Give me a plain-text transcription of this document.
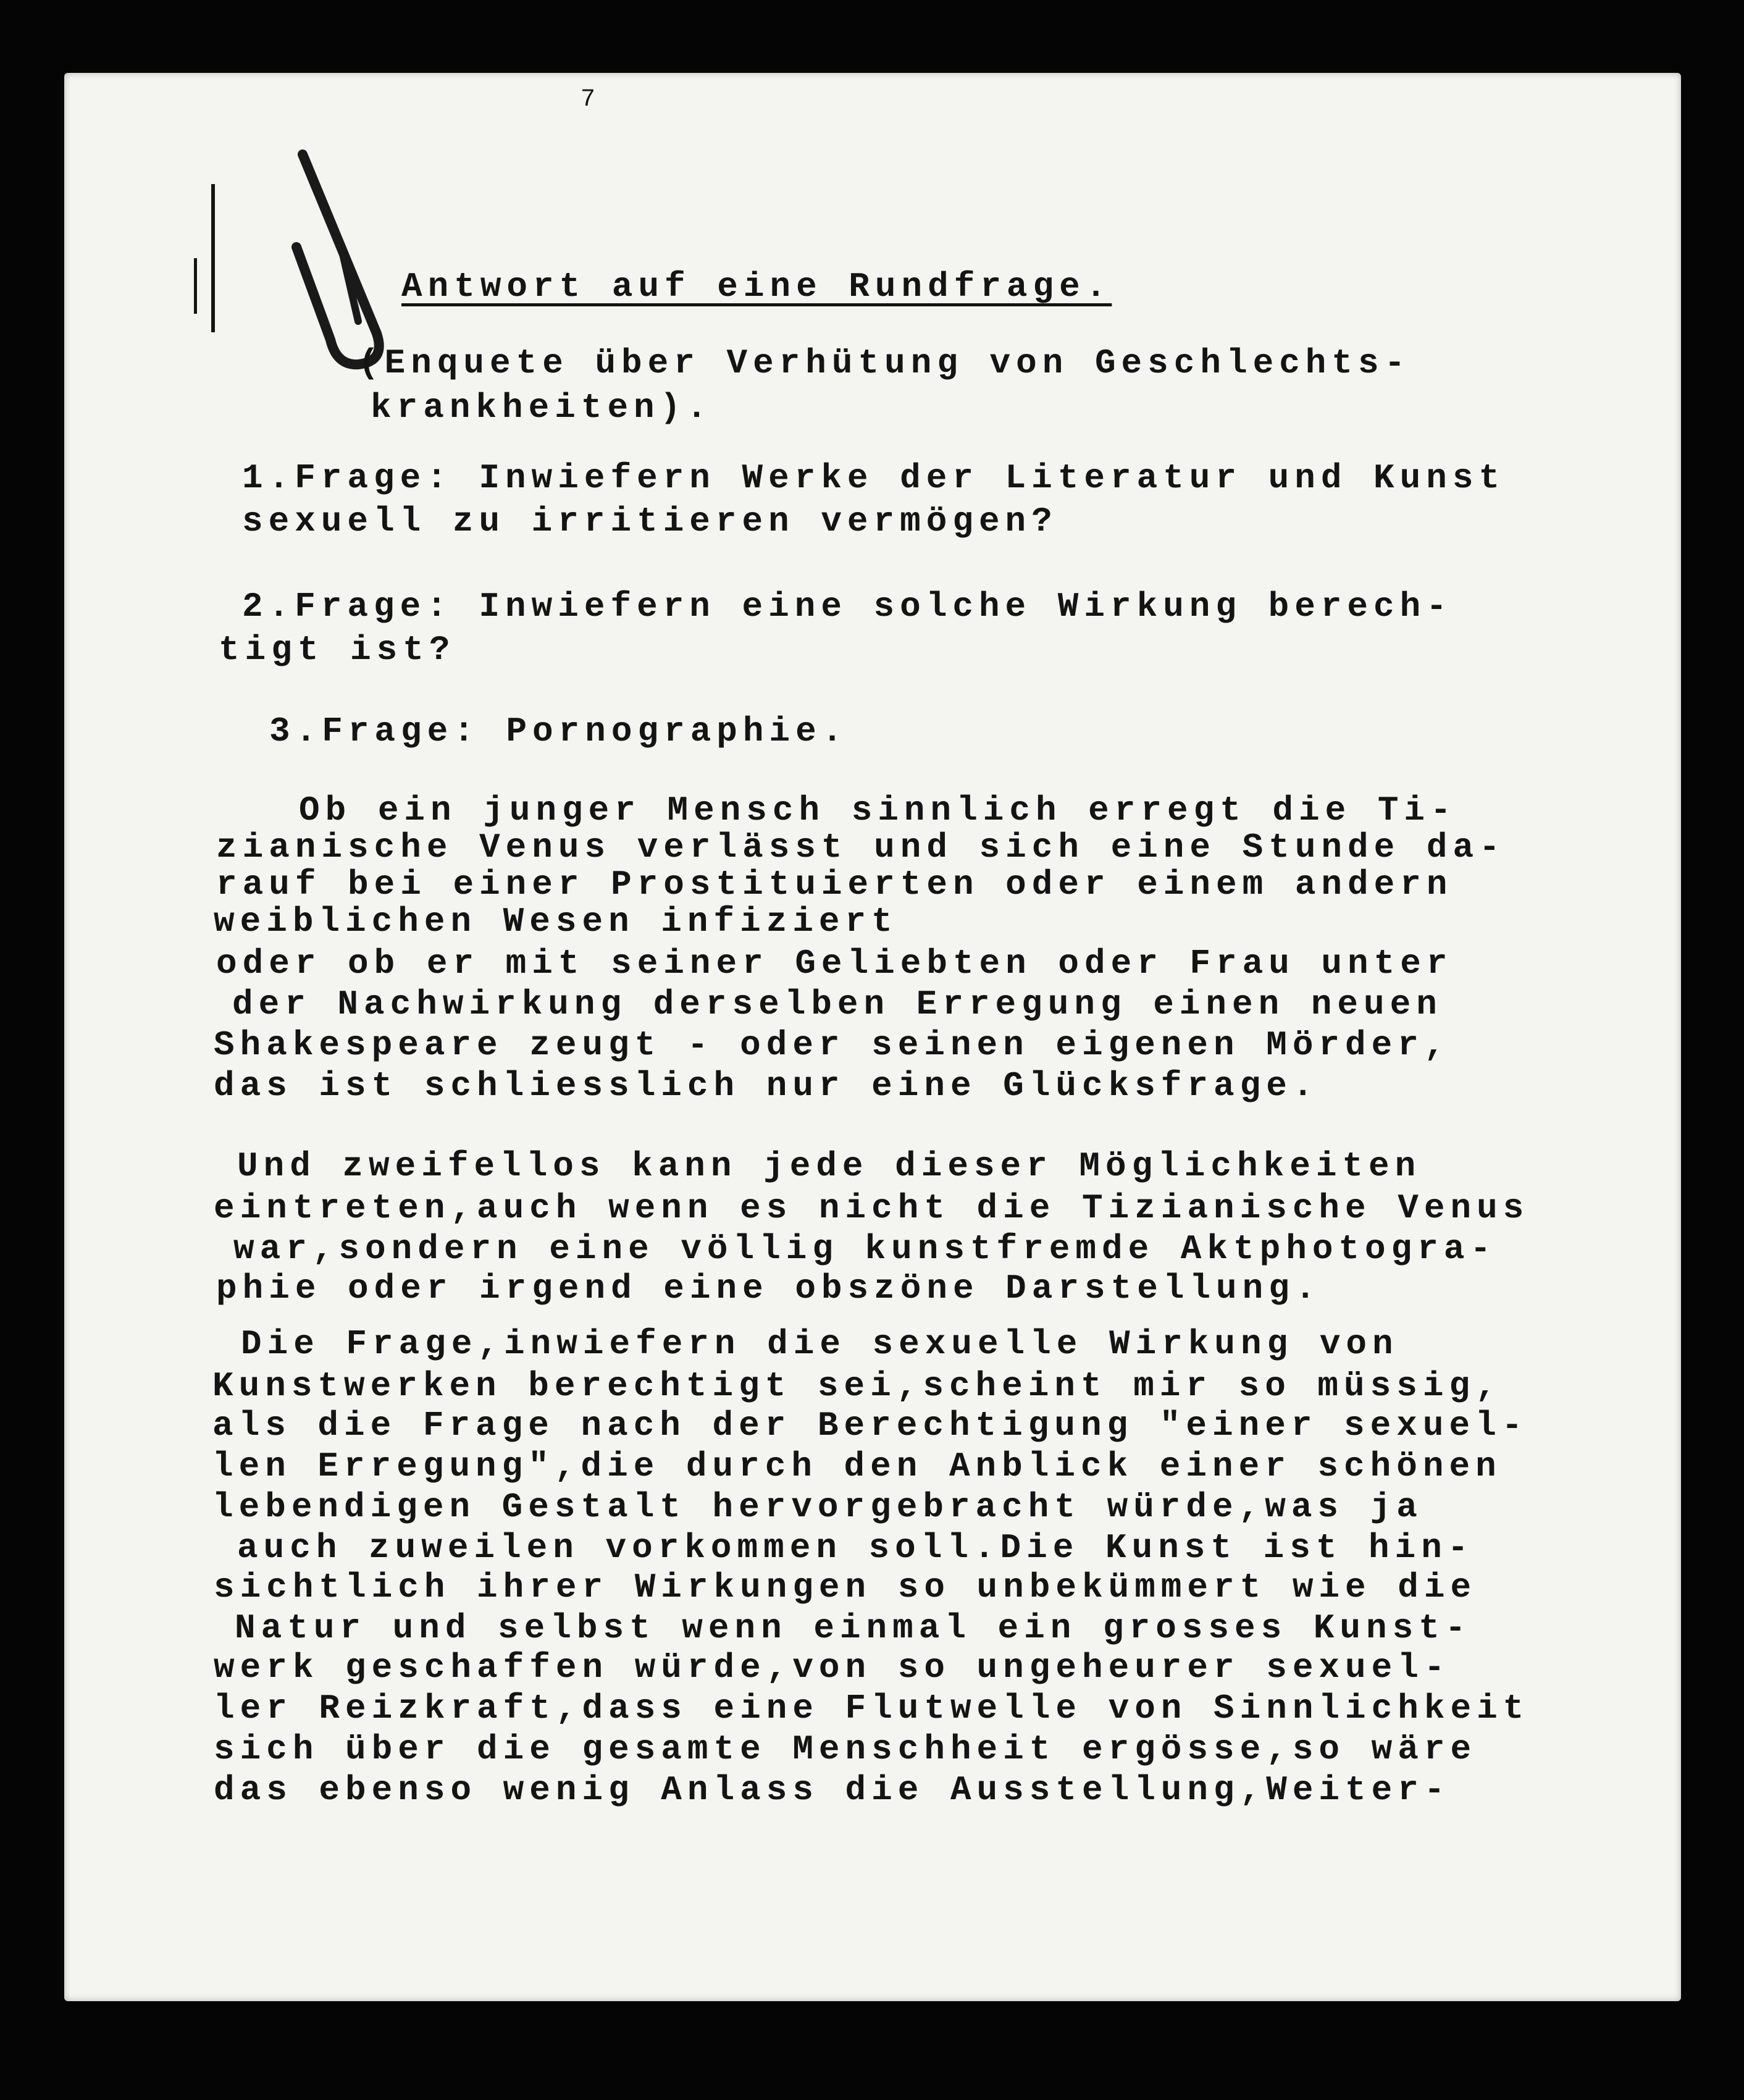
7
Antwort auf eine Rundfrage.
(Enquete über Verhütung von Geschlechts-
krankheiten).
1.Frage: Inwiefern Werke der Literatur und Kunst
sexuell zu irritieren vermögen?
2.Frage: Inwiefern eine solche Wirkung berech-
tigt ist?
3.Frage: Pornographie.
Ob ein junger Mensch sinnlich erregt die Ti-
zianische Venus verlässt und sich eine Stunde da-
rauf bei einer Prostituierten oder einem andern
weiblichen Wesen infiziert
oder ob er mit seiner Geliebten oder Frau unter
der Nachwirkung derselben Erregung einen neuen
Shakespeare zeugt - oder seinen eigenen Mörder,
das ist schliesslich nur eine Glücksfrage.
Und zweifellos kann jede dieser Möglichkeiten
eintreten,auch wenn es nicht die Tizianische Venus
war,sondern eine völlig kunstfremde Aktphotogra-
phie oder irgend eine obszöne Darstellung.
Die Frage,inwiefern die sexuelle Wirkung von
Kunstwerken berechtigt sei,scheint mir so müssig,
als die Frage nach der Berechtigung "einer sexuel-
len Erregung",die durch den Anblick einer schönen
lebendigen Gestalt hervorgebracht würde,was ja
auch zuweilen vorkommen soll.Die Kunst ist hin-
sichtlich ihrer Wirkungen so unbekümmert wie die
Natur und selbst wenn einmal ein grosses Kunst-
werk geschaffen würde,von so ungeheurer sexuel-
ler Reizkraft,dass eine Flutwelle von Sinnlichkeit
sich über die gesamte Menschheit ergösse,so wäre
das ebenso wenig Anlass die Ausstellung,Weiter-
